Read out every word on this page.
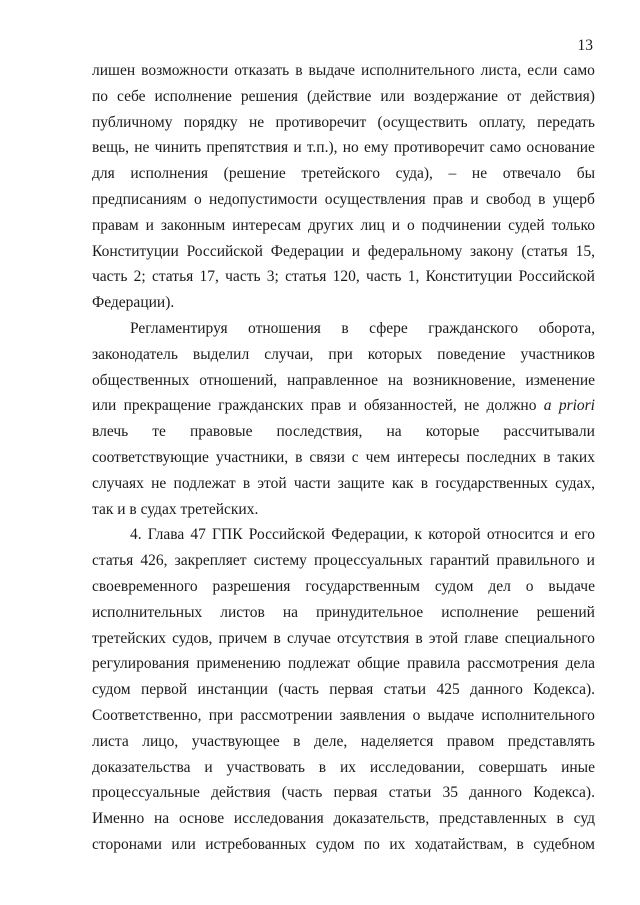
13
лишен возможности отказать в выдаче исполнительного листа, если само
по себе исполнение решения (действие или воздержание от действия)
публичному порядку не противоречит (осуществить оплату, передать
вещь, не чинить препятствия и т.п.), но ему противоречит само основание
для исполнения (решение третейского суда), – не отвечало бы
предписаниям о недопустимости осуществления прав и свобод в ущерб
правам и законным интересам других лиц и о подчинении судей только
Конституции Российской Федерации и федеральному закону (статья 15,
часть 2; статья 17, часть 3; статья 120, часть 1, Конституции Российской
Федерации).
Регламентируя отношения в сфере гражданского оборота,
законодатель выделил случаи, при которых поведение участников
общественных отношений, направленное на возникновение, изменение
или прекращение гражданских прав и обязанностей, не должно a priori
влечь те правовые последствия, на которые рассчитывали
соответствующие участники, в связи с чем интересы последних в таких
случаях не подлежат в этой части защите как в государственных судах,
так и в судах третейских.
4. Глава 47 ГПК Российской Федерации, к которой относится и его
статья 426, закрепляет систему процессуальных гарантий правильного и
своевременного разрешения государственным судом дел о выдаче
исполнительных листов на принудительное исполнение решений
третейских судов, причем в случае отсутствия в этой главе специального
регулирования применению подлежат общие правила рассмотрения дела
судом первой инстанции (часть первая статьи 425 данного Кодекса).
Соответственно, при рассмотрении заявления о выдаче исполнительного
листа лицо, участвующее в деле, наделяется правом представлять
доказательства и участвовать в их исследовании, совершать иные
процессуальные действия (часть первая статьи 35 данного Кодекса).
Именно на основе исследования доказательств, представленных в суд
сторонами или истребованных судом по их ходатайствам, в судебном
